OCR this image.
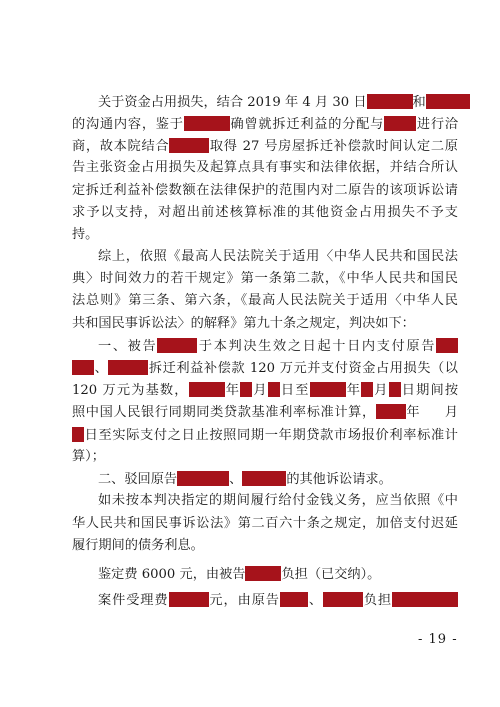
关于资金占用损失，结合 2019 年 4 月 30 日	和
的沟通内容，鉴于	确曾就拆迁利益的分配与 进行洽
商，故本院结合	取得 27 号房屋拆迁补偿款时间认定二原
告主张资金占用损失及起算点具有事实和法律依据，并结合所认
定拆迁利益补偿数额在法律保护的范围内对二原告的该项诉讼请
求予以支持，对超出前述核算标准的其他资金占用损失不予支
持。
综上，依照《最高人民法院关于适用〈中华人民共和国民法
典〉时间效力的若干规定》第一条第二款，《中华人民共和国民
法总则》第三条、第六条，《最高人民法院关于适用〈中华人民
共和国民事诉讼法〉的解释》第九十条之规定，判决如下：
一、被告	于本判决生效之日起十日内支付原告
、	拆迁利益补偿款 120 万元并支付资金占用损失（以
120 万元为基数，	年 月 日至	年 月 日期间按
照中国人民银行同期同类贷款基准利率标准计算， 年 月
日至实际支付之日止按照同期一年期贷款市场报价利率标准计
算）；
二、驳回原告	、	的其他诉讼请求。
如未按本判决指定的期间履行给付金钱义务，应当依照《中
华人民共和国民事诉讼法》第二百六十条之规定，加倍支付迟延
履行期间的债务利息。
鉴定费 6000 元，由被告	负担（已交纳）。
案件受理费	元，由原告 、	负担
- 19 -
